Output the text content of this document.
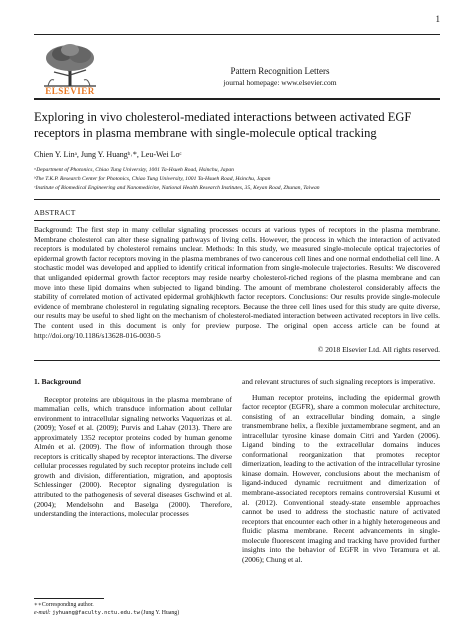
1
ELSEVIER
Pattern Recognition Letters
journal homepage: www.elsevier.com
Exploring in vivo cholesterol-mediated interactions between activated EGF receptors in plasma membrane with single-molecule optical tracking
Chien Y. Linᵃ, Jung Y. Huangᵇ˒*, Leu-Wei Loᶜ
ᵃDepartment of Photonics, Chiao Tung University, 1001 Ta-Hsueh Road, Hsinchu, Japan
ᵇThe T.K.P. Research Center for Photonics, Chiao Tung University, 1001 Ta-Hsueh Road, Hsinchu, Japan
ᶜInstitute of Biomedical Engineering and Nanomedicine, National Health Research Institutes, 35, Keyan Road, Zhunan, Taiwan
ABSTRACT
Background: The first step in many cellular signaling processes occurs at various types of receptors in the plasma membrane. Membrane cholesterol can alter these signaling pathways of living cells. However, the process in which the interaction of activated receptors is modulated by cholesterol remains unclear. Methods: In this study, we measured single-molecule optical trajectories of epidermal growth factor receptors moving in the plasma membranes of two cancerous cell lines and one normal endothelial cell line. A stochastic model was developed and applied to identify critical information from single-molecule trajectories. Results: We discovered that unliganded epidermal growth factor receptors may reside nearby cholesterol-riched regions of the plasma membrane and can move into these lipid domains when subjected to ligand binding. The amount of membrane cholesterol considerably affects the stability of correlated motion of activated epidermal grohkjhkwth factor receptors. Conclusions: Our results provide single-molecule evidence of membrane cholesterol in regulating signaling receptors. Because the three cell lines used for this study are quite diverse, our results may be useful to shed light on the mechanism of cholesterol-mediated interaction between activated receptors in live cells. The content used in this document is only for preview purpose. The original open access article can be found at http://doi.org/10.1186/s13628-016-0030-5
© 2018 Elsevier Ltd. All rights reserved.
1. Background

Receptor proteins are ubiquitous in the plasma membrane of mammalian cells, which transduce information about cellular environment to intracellular signaling networks Vaquerizas et al. (2009); Yosef et al. (2009); Purvis and Lahav (2013). There are approximately 1352 receptor proteins coded by human genome Almén et al. (2009). The flow of information through those receptors is critically shaped by receptor interactions. The diverse cellular processes regulated by such receptor proteins include cell growth and division, differentiation, migration, and apoptosis Schlessinger (2000). Receptor signaling dysregulation is attributed to the pathogenesis of several diseases Gschwind et al. (2004); Mendelsohn and Baselga (2000). Therefore, understanding the interactions, molecular processes

and relevant structures of such signaling receptors is imperative.

Human receptor proteins, including the epidermal growth factor receptor (EGFR), share a common molecular architecture, consisting of an extracellular binding domain, a single transmembrane helix, a flexible juxtamembrane segment, and an intracellular tyrosine kinase domain Citri and Yarden (2006). Ligand binding to the extracellular domains induces conformational reorganization that promotes receptor dimerization, leading to the activation of the intracellular tyrosine kinase domain. However, conclusions about the mechanism of ligand-induced dynamic recruitment and dimerization of membrane-associated receptors remains controversial Kusumi et al. (2012). Conventional steady-state ensemble approaches cannot be used to address the stochastic nature of activated receptors that encounter each other in a highly heterogeneous and fluidic plasma membrane. Recent advancements in single-molecule fluorescent imaging and tracking have provided further insights into the behavior of EGFR in vivo Teramura et al. (2006); Chung et al.

∗∗Corresponding author.
e-mail: jyhuang@faculty.nctu.edu.tw (Jung Y. Huang)
